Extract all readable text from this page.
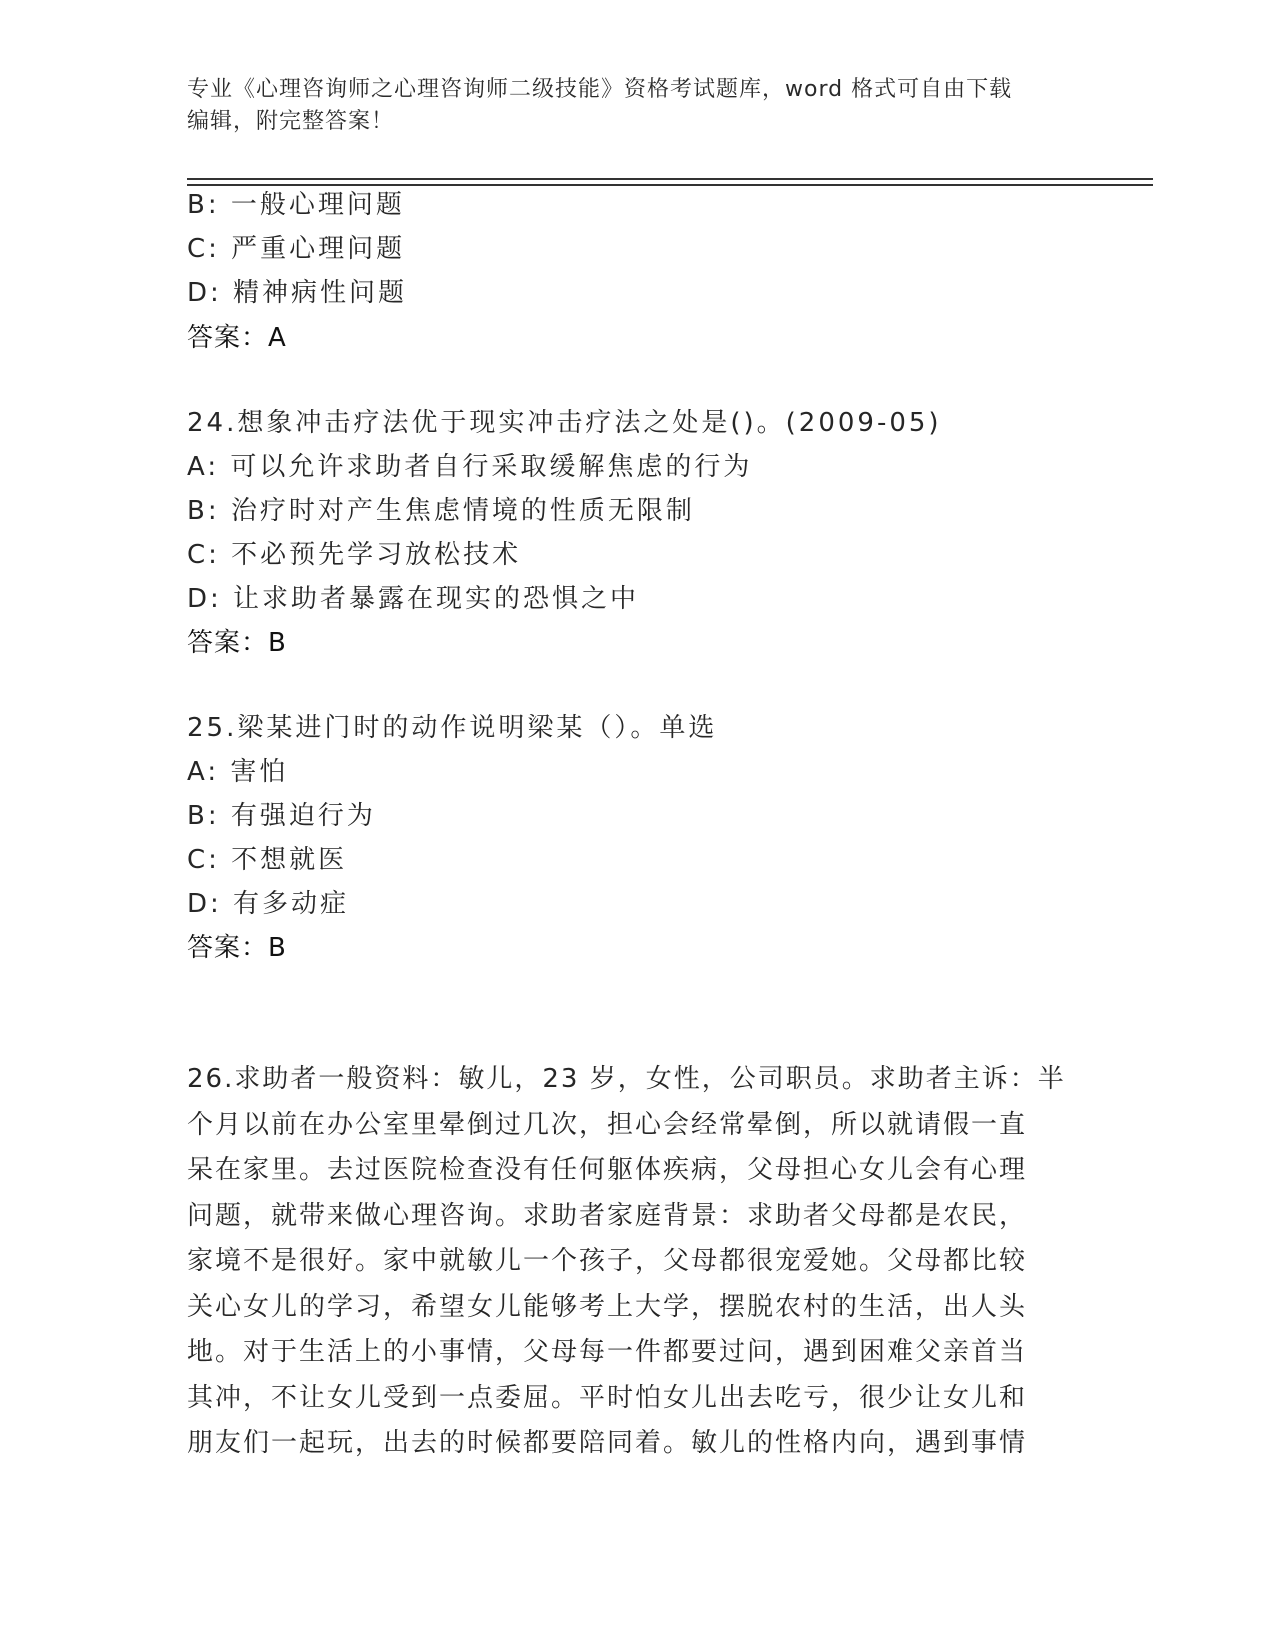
专业《心理咨询师之心理咨询师二级技能》资格考试题库，word 格式可自由下载
编辑，附完整答案！
B: 一般心理问题
C: 严重心理问题
D: 精神病性问题
答案：A
24.想象冲击疗法优于现实冲击疗法之处是()。(2009-05)
A: 可以允许求助者自行采取缓解焦虑的行为
B: 治疗时对产生焦虑情境的性质无限制
C: 不必预先学习放松技术
D: 让求助者暴露在现实的恐惧之中
答案：B
25.梁某进门时的动作说明梁某（）。单选
A: 害怕
B: 有强迫行为
C: 不想就医
D: 有多动症
答案：B
26.求助者一般资料：敏儿，23 岁，女性，公司职员。求助者主诉：半
个月以前在办公室里晕倒过几次，担心会经常晕倒，所以就请假一直
呆在家里。去过医院检查没有任何躯体疾病，父母担心女儿会有心理
问题，就带来做心理咨询。求助者家庭背景：求助者父母都是农民，
家境不是很好。家中就敏儿一个孩子，父母都很宠爱她。父母都比较
关心女儿的学习，希望女儿能够考上大学，摆脱农村的生活，出人头
地。对于生活上的小事情，父母每一件都要过问，遇到困难父亲首当
其冲，不让女儿受到一点委屈。平时怕女儿出去吃亏，很少让女儿和
朋友们一起玩，出去的时候都要陪同着。敏儿的性格内向，遇到事情
